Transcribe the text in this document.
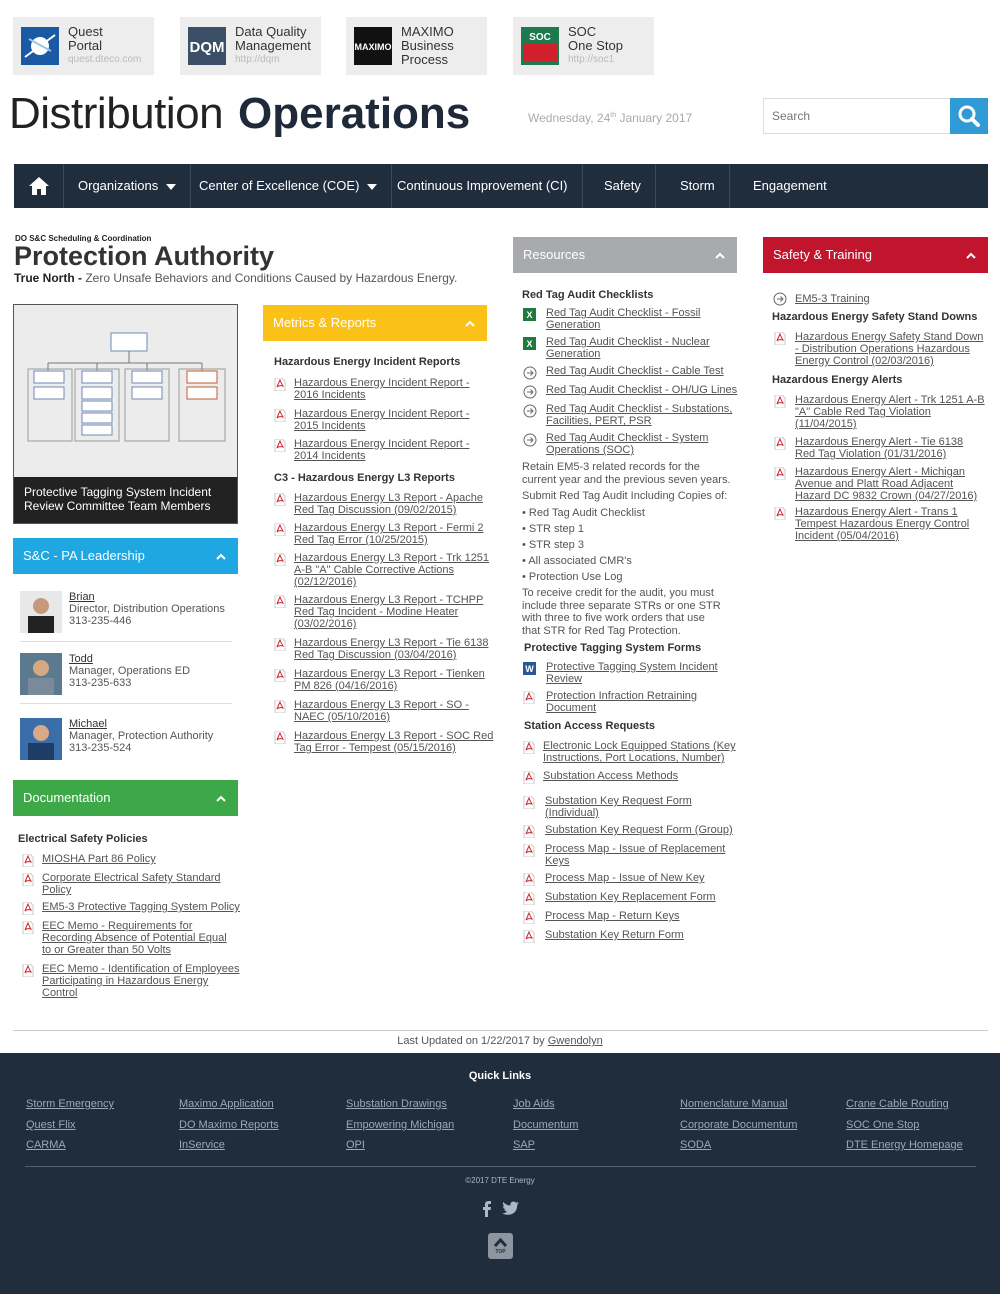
Quest
Portal
quest.dteco.com
DQM
Data Quality
Management
http://dqm
MAXIMO
MAXIMO
Business
Process
SOC SOC
One Stop
http://soc1
Distribution Operations	Wednesday, 24th January 2017
Search
Organizations	Center of Excellence (COE)	Continuous Improvement (CI)	Safety	Storm	Engagement
DO S&C Scheduling & Coordination
Protection Authority
True North - Zero Unsafe Behaviors and Conditions Caused by Hazardous Energy.
Protective Tagging System Incident Review Committee Team Members
S&C - PA Leadership
Brian
Director, Distribution Operations
313-235-446
Todd
Manager, Operations ED
313-235-633
Michael
Manager, Protection Authority
313-235-524
Documentation
Electrical Safety Policies
MIOSHA Part 86 Policy
Corporate Electrical Safety Standard
Policy
EM5-3 Protective Tagging System Policy
EEC Memo - Requirements for
Recording Absence of Potential Equal
to or Greater than 50 Volts
EEC Memo - Identification of Employees
Participating in Hazardous Energy
Control
Metrics & Reports
Hazardous Energy Incident Reports
C3 - Hazardous Energy L3 Reports
Hazardous Energy Incident Report -
2016 Incidents
Hazardous Energy Incident Report -
2015 Incidents
Hazardous Energy Incident Report -
2014 Incidents
Hazardous Energy L3 Report - Apache
Red Tag Discussion (09/02/2015)
Hazardous Energy L3 Report - Fermi 2
Red Tag Error (10/25/2015)
Hazardous Energy L3 Report - Trk 1251
A-B "A" Cable Corrective Actions
(02/12/2016)
Hazardous Energy L3 Report - TCHPP
Red Tag Incident - Modine Heater
(03/02/2016)
Hazardous Energy L3 Report - Tie 6138
Red Tag Discussion (03/04/2016)
Hazardous Energy L3 Report - Tienken
PM 826 (04/16/2016)
Hazardous Energy L3 Report - SO -
NAEC (05/10/2016)
Hazardous Energy L3 Report - SOC Red
Tag Error - Tempest (05/15/2016)
Resources
Red Tag Audit Checklists
Retain EM5-3 related records for the
current year and the previous seven years.
Submit Red Tag Audit Including Copies of:
• Red Tag Audit Checklist
• STR step 1
• STR step 3
• All associated CMR's
• Protection Use Log
To receive credit for the audit, you must
include three separate STRs or one STR
with three to five work orders that use
that STR for Red Tag Protection.
Protective Tagging System Forms
Station Access Requests
X Red Tag Audit Checklist - Fossil
Generation
X Red Tag Audit Checklist - Nuclear
Generation
Red Tag Audit Checklist - Cable Test
Red Tag Audit Checklist - OH/UG Lines
Red Tag Audit Checklist - Substations,
Facilities, PERT, PSR
Red Tag Audit Checklist - System
Operations (SOC)
W Protective Tagging System Incident
Review
Protection Infraction Retraining
Document
Electronic Lock Equipped Stations (Key
Instructions, Port Locations, Number)
Substation Access Methods
Substation Key Request Form
(Individual)
Substation Key Request Form (Group)
Process Map - Issue of Replacement
Keys
Process Map - Issue of New Key
Substation Key Replacement Form
Process Map - Return Keys
Substation Key Return Form
Safety & Training
EM5-3 Training
Hazardous Energy Safety Stand Downs
Hazardous Energy Alerts
Hazardous Energy Safety Stand Down
- Distribution Operations Hazardous
Energy Control (02/03/2016)
Hazardous Energy Alert - Trk 1251 A-B
"A" Cable Red Tag Violation
(11/04/2015)
Hazardous Energy Alert - Tie 6138
Red Tag Violation (01/31/2016)
Hazardous Energy Alert - Michigan
Avenue and Platt Road Adjacent
Hazard DC 9832 Crown (04/27/2016)
Hazardous Energy Alert - Trans 1
Tempest Hazardous Energy Control
Incident (05/04/2016)
Last Updated on 1/22/2017 by Gwendolyn
Quick Links
Storm Emergency
Quest Flix
CARMA
Maximo Application
DO Maximo Reports
InService
Substation Drawings
Empowering Michigan
OPI
Job Aids
Documentum
SAP
Nomenclature Manual
Corporate Documentum
SODA
Crane Cable Routing
SOC One Stop
DTE Energy Homepage
©2017 DTE Energy
TOP
